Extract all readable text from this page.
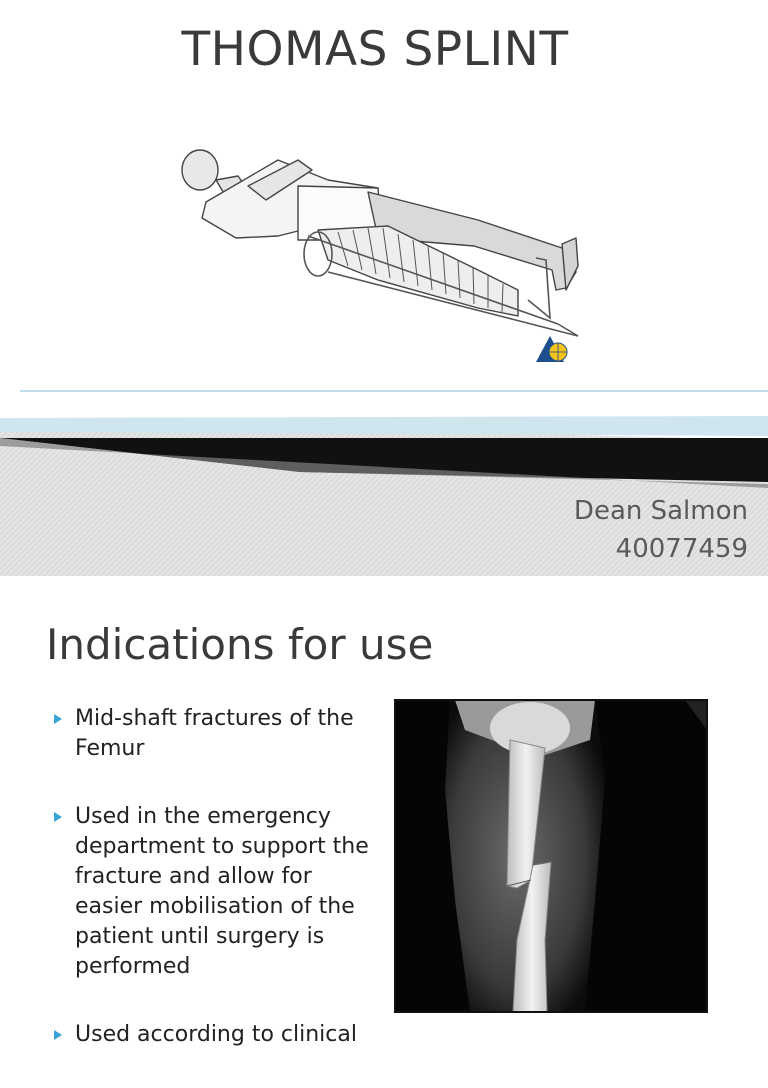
THOMAS SPLINT
Dean Salmon
40077459
Indications for use
Mid-shaft fractures of the Femur
Used in the emergency department to support the fracture and allow for easier mobilisation of the patient until surgery is performed
Used according to clinical
